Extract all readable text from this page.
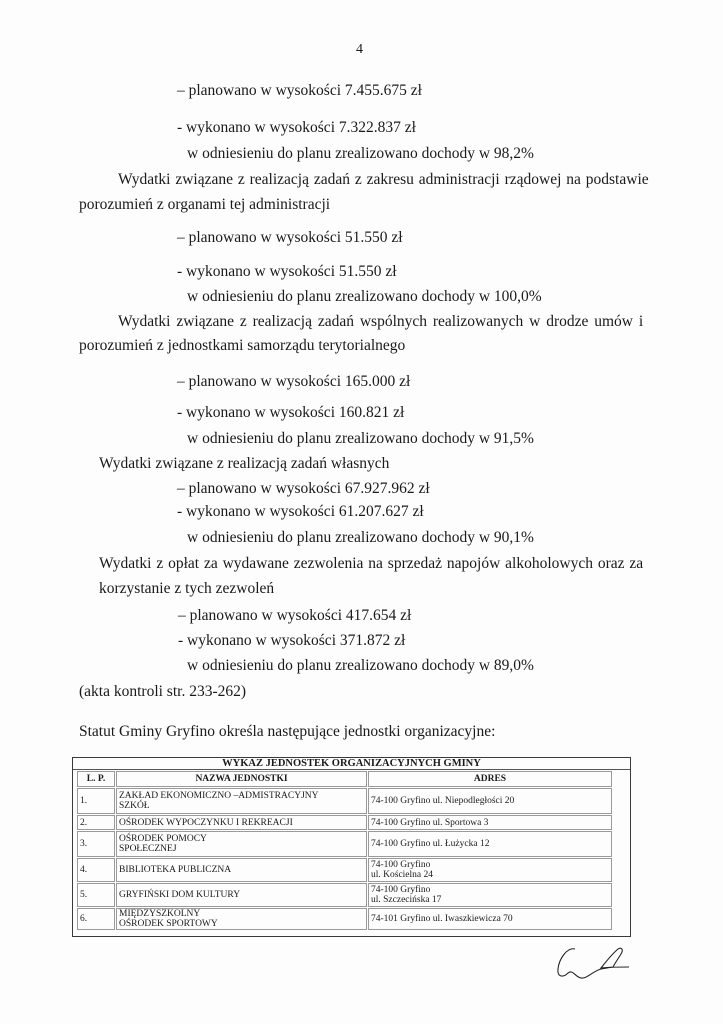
4
– planowano w wysokości 7.455.675 zł
- wykonano w wysokości 7.322.837 zł
w odniesieniu do planu zrealizowano dochody w 98,2%
Wydatki związane z realizacją zadań z zakresu administracji rządowej na podstawie
porozumień z organami tej administracji
– planowano w wysokości 51.550 zł
- wykonano w wysokości 51.550 zł
w odniesieniu do planu zrealizowano dochody w 100,0%
Wydatki związane z realizacją zadań wspólnych realizowanych w drodze umów i
porozumień z jednostkami samorządu terytorialnego
– planowano w wysokości 165.000 zł
- wykonano w wysokości 160.821 zł
w odniesieniu do planu zrealizowano dochody w 91,5%
Wydatki związane z realizacją zadań własnych
– planowano w wysokości 67.927.962 zł
- wykonano w wysokości 61.207.627 zł
w odniesieniu do planu zrealizowano dochody w 90,1%
Wydatki z opłat za wydawane zezwolenia na sprzedaż napojów alkoholowych oraz za
korzystanie z tych zezwoleń
– planowano w wysokości 417.654 zł
- wykonano w wysokości 371.872 zł
w odniesieniu do planu zrealizowano dochody w 89,0%
(akta kontroli str. 233-262)
Statut Gminy Gryfino określa następujące jednostki organizacyjne:
WYKAZ JEDNOSTEK ORGANIZACYJNYCH GMINY
L. P.	NAZWA JEDNOSTKI	ADRES
1.	ZAKŁAD EKONOMICZNO –ADMISTRACYJNY
SZKÓŁ	74-100 Gryfino ul. Niepodległości 20

2.	OŚRODEK WYPOCZYNKU I REKREACJI	74-100 Gryfino ul. Sportowa 3

3.	OŚRODEK POMOCY
SPOŁECZNEJ	74-100 Gryfino ul. Łużycka 12

4.	BIBLIOTEKA PUBLICZNA	74-100 Gryfino
ul. Kościelna 24

5.	GRYFIŃSKI DOM KULTURY	74-100 Gryfino
ul. Szczecińska 17

6.	MIĘDZYSZKOLNY
OŚRODEK SPORTOWY	74-101 Gryfino ul. Iwaszkiewicza 70
